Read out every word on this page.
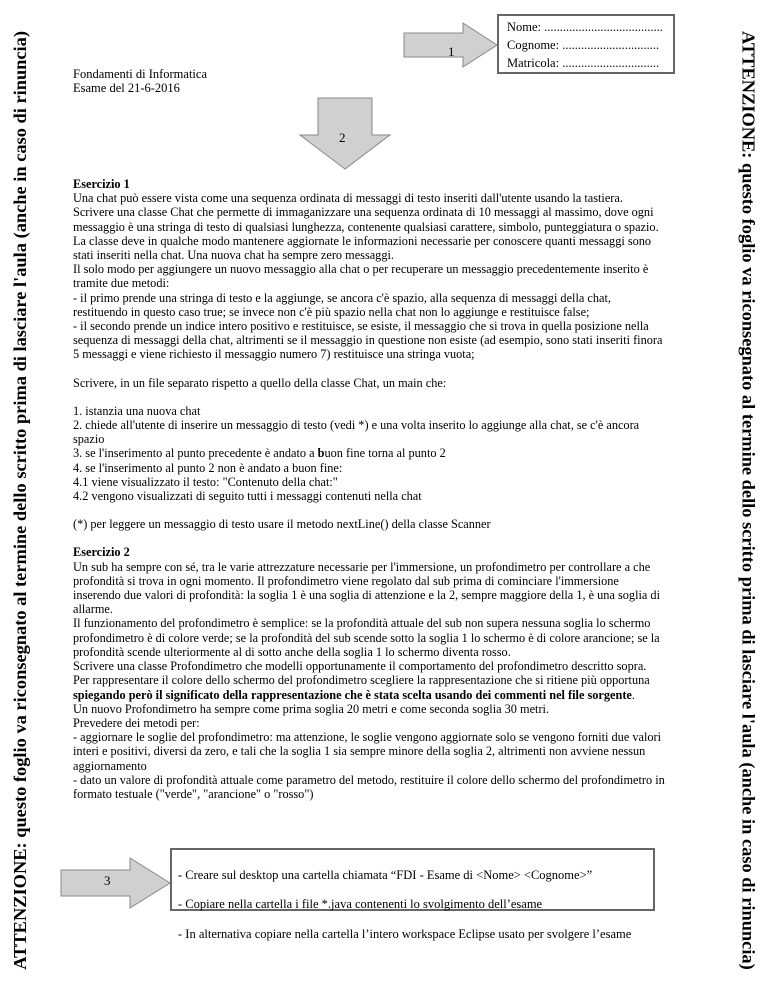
ATTENZIONE: questo foglio va riconsegnato al termine dello scritto prima di lasciare l'aula (anche in caso di rinuncia)	ATTENZIONE: questo foglio va riconsegnato al termine dello scritto prima di lasciare l'aula (anche in caso di rinuncia)
1
Nome: ......................................
Cognome: ...............................
Matricola: ...............................
Fondamenti di Informatica
Esame del 21-6-2016
2

Esercizio 1

Una chat può essere vista come una sequenza ordinata di messaggi di testo inseriti dall'utente usando la tastiera.

Scrivere una classe Chat che permette di immaganizzare una sequenza ordinata di 10 messaggi al massimo, dove ogni

messaggio è una stringa di testo di qualsiasi lunghezza, contenente qualsiasi carattere, simbolo, punteggiatura o spazio.

La classe deve in qualche modo mantenere aggiornate le informazioni necessarie per conoscere quanti messaggi sono

stati inseriti nella chat. Una nuova chat ha sempre zero messaggi.

Il solo modo per aggiungere un nuovo messaggio alla chat o per recuperare un messaggio precedentemente inserito è

tramite due metodi:

- il primo prende una stringa di testo e la aggiunge, se ancora c'è spazio, alla sequenza di messaggi della chat,

restituendo in questo caso true; se invece non c'è più spazio nella chat non lo aggiunge e restituisce false;

- il secondo prende un indice intero positivo e restituisce, se esiste, il messaggio che si trova in quella posizione nella

sequenza di messaggi della chat, altrimenti se il messaggio in questione non esiste (ad esempio, sono stati inseriti finora

5 messaggi e viene richiesto il messaggio numero 7) restituisce una stringa vuota;

Scrivere, in un file separato rispetto a quello della classe Chat, un main che:

1. istanzia una nuova chat

2. chiede all'utente di inserire un messaggio di testo (vedi *) e una volta inserito lo aggiunge alla chat, se c'è ancora

spazio

3. se l'inserimento al punto precedente è andato a buon fine torna al punto 2

4. se l'inserimento al punto 2 non è andato a buon fine:

4.1 viene visualizzato il testo: "Contenuto della chat:"

4.2 vengono visualizzati di seguito tutti i messaggi contenuti nella chat

(*) per leggere un messaggio di testo usare il metodo nextLine() della classe Scanner

Esercizio 2

Un sub ha sempre con sé, tra le varie attrezzature necessarie per l'immersione, un profondimetro per controllare a che

profondità si trova in ogni momento. Il profondimetro viene regolato dal sub prima di cominciare l'immersione

inserendo due valori di profondità: la soglia 1 è una soglia di attenzione e la 2, sempre maggiore della 1, è una soglia di

allarme.

Il funzionamento del profondimetro è semplice: se la profondità attuale del sub non supera nessuna soglia lo schermo

profondimetro è di colore verde; se la profondità del sub scende sotto la soglia 1 lo schermo è di colore arancione; se la

profondità scende ulteriormente al di sotto anche della soglia 1 lo schermo diventa rosso.

Scrivere una classe Profondimetro che modelli opportunamente il comportamento del profondimetro descritto sopra.

Per rappresentare il colore dello schermo del profondimetro scegliere la rappresentazione che si ritiene più opportuna

spiegando però il significato della rappresentazione che è stata scelta usando dei commenti nel file sorgente.

Un nuovo Profondimetro ha sempre come prima soglia 20 metri e come seconda soglia 30 metri.

Prevedere dei metodi per:

- aggiornare le soglie del profondimetro: ma attenzione, le soglie vengono aggiornate solo se vengono forniti due valori

interi e positivi, diversi da zero, e tali che la soglia 1 sia sempre minore della soglia 2, altrimenti non avviene nessun

aggiornamento

- dato un valore di profondità attuale come parametro del metodo, restituire il colore dello schermo del profondimetro in

formato testuale ("verde", "arancione" o "rosso")

3	- Creare sul desktop una cartella chiamata “FDI - Esame di <Nome> <Cognome>”

- Copiare nella cartella i file *.java contenenti lo svolgimento dell’esame

- In alternativa copiare nella cartella l’intero workspace Eclipse usato per svolgere l’esame
